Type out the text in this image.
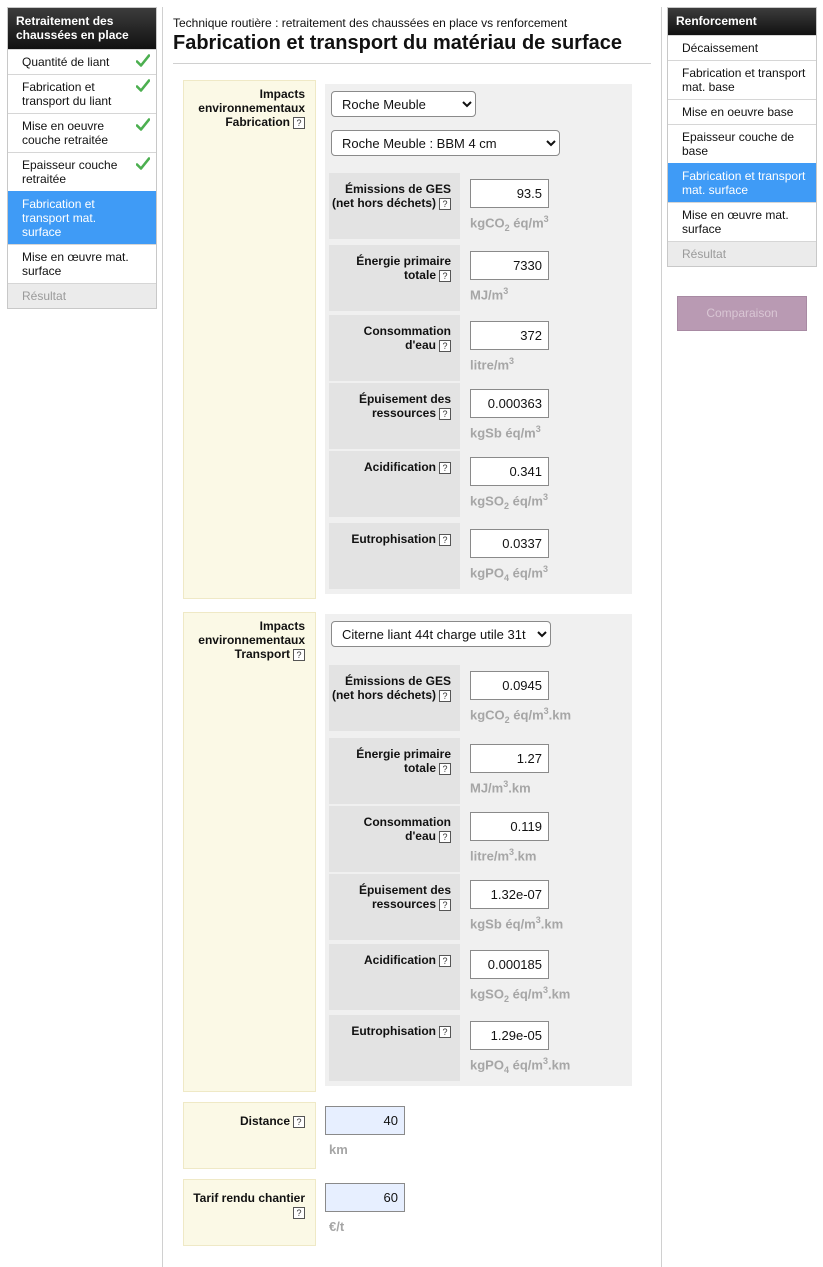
Retraitement des chaussées en place
Quantité de liant
Fabrication et transport du liant
Mise en oeuvre couche retraitée
Epaisseur couche retraitée
Fabrication et transport mat. surface
Mise en œuvre mat. surface
Résultat
Renforcement
Décaissement
Fabrication et transport mat. base
Mise en oeuvre base
Epaisseur couche de base
Fabrication et transport mat. surface
Mise en œuvre mat. surface
Résultat
Comparaison
Technique routière : retraitement des chaussées en place vs renforcement
Fabrication et transport du matériau de surface
Impacts environnementaux Fabrication ?
Roche Meuble
Roche Meuble : BBM 4 cm
Émissions de GES (net hors déchets) ?
93.5
kgCO$_2$ $éq/m^3$
Énergie primaire totale ?
7330
$MJ/m^3$
Consommation d'eau ?
372
litre/$m^3$
Épuisement des ressources ?
0.000363
kgSb $éq/m^3$
Acidification ?
0.341
kgSO$_2$ $éq/m^3$
Eutrophisation ?
0.0337
kgPO$_4$ $éq/m^3$
Impacts environnementaux Transport ?
Citerne liant 44t charge utile 31t
Émissions de GES (net hors déchets) ?
0.0945
kgCO$_2$ $éq/m^3.km$
Énergie primaire totale ?
1.27
$MJ/m^3.km$
Consommation d'eau ?
0.119
litre/$m^3.km$
Épuisement des ressources ?
1.32e-07
kgSb $éq/m^3.km$
Acidification ?
0.000185
kgSO$_2$ $éq/m^3.km$
Eutrophisation ?
1.29e-05
kgPO$_4$ $éq/m^3.km$
Distance ?
40
km
Tarif rendu chantier?
60
€/t
